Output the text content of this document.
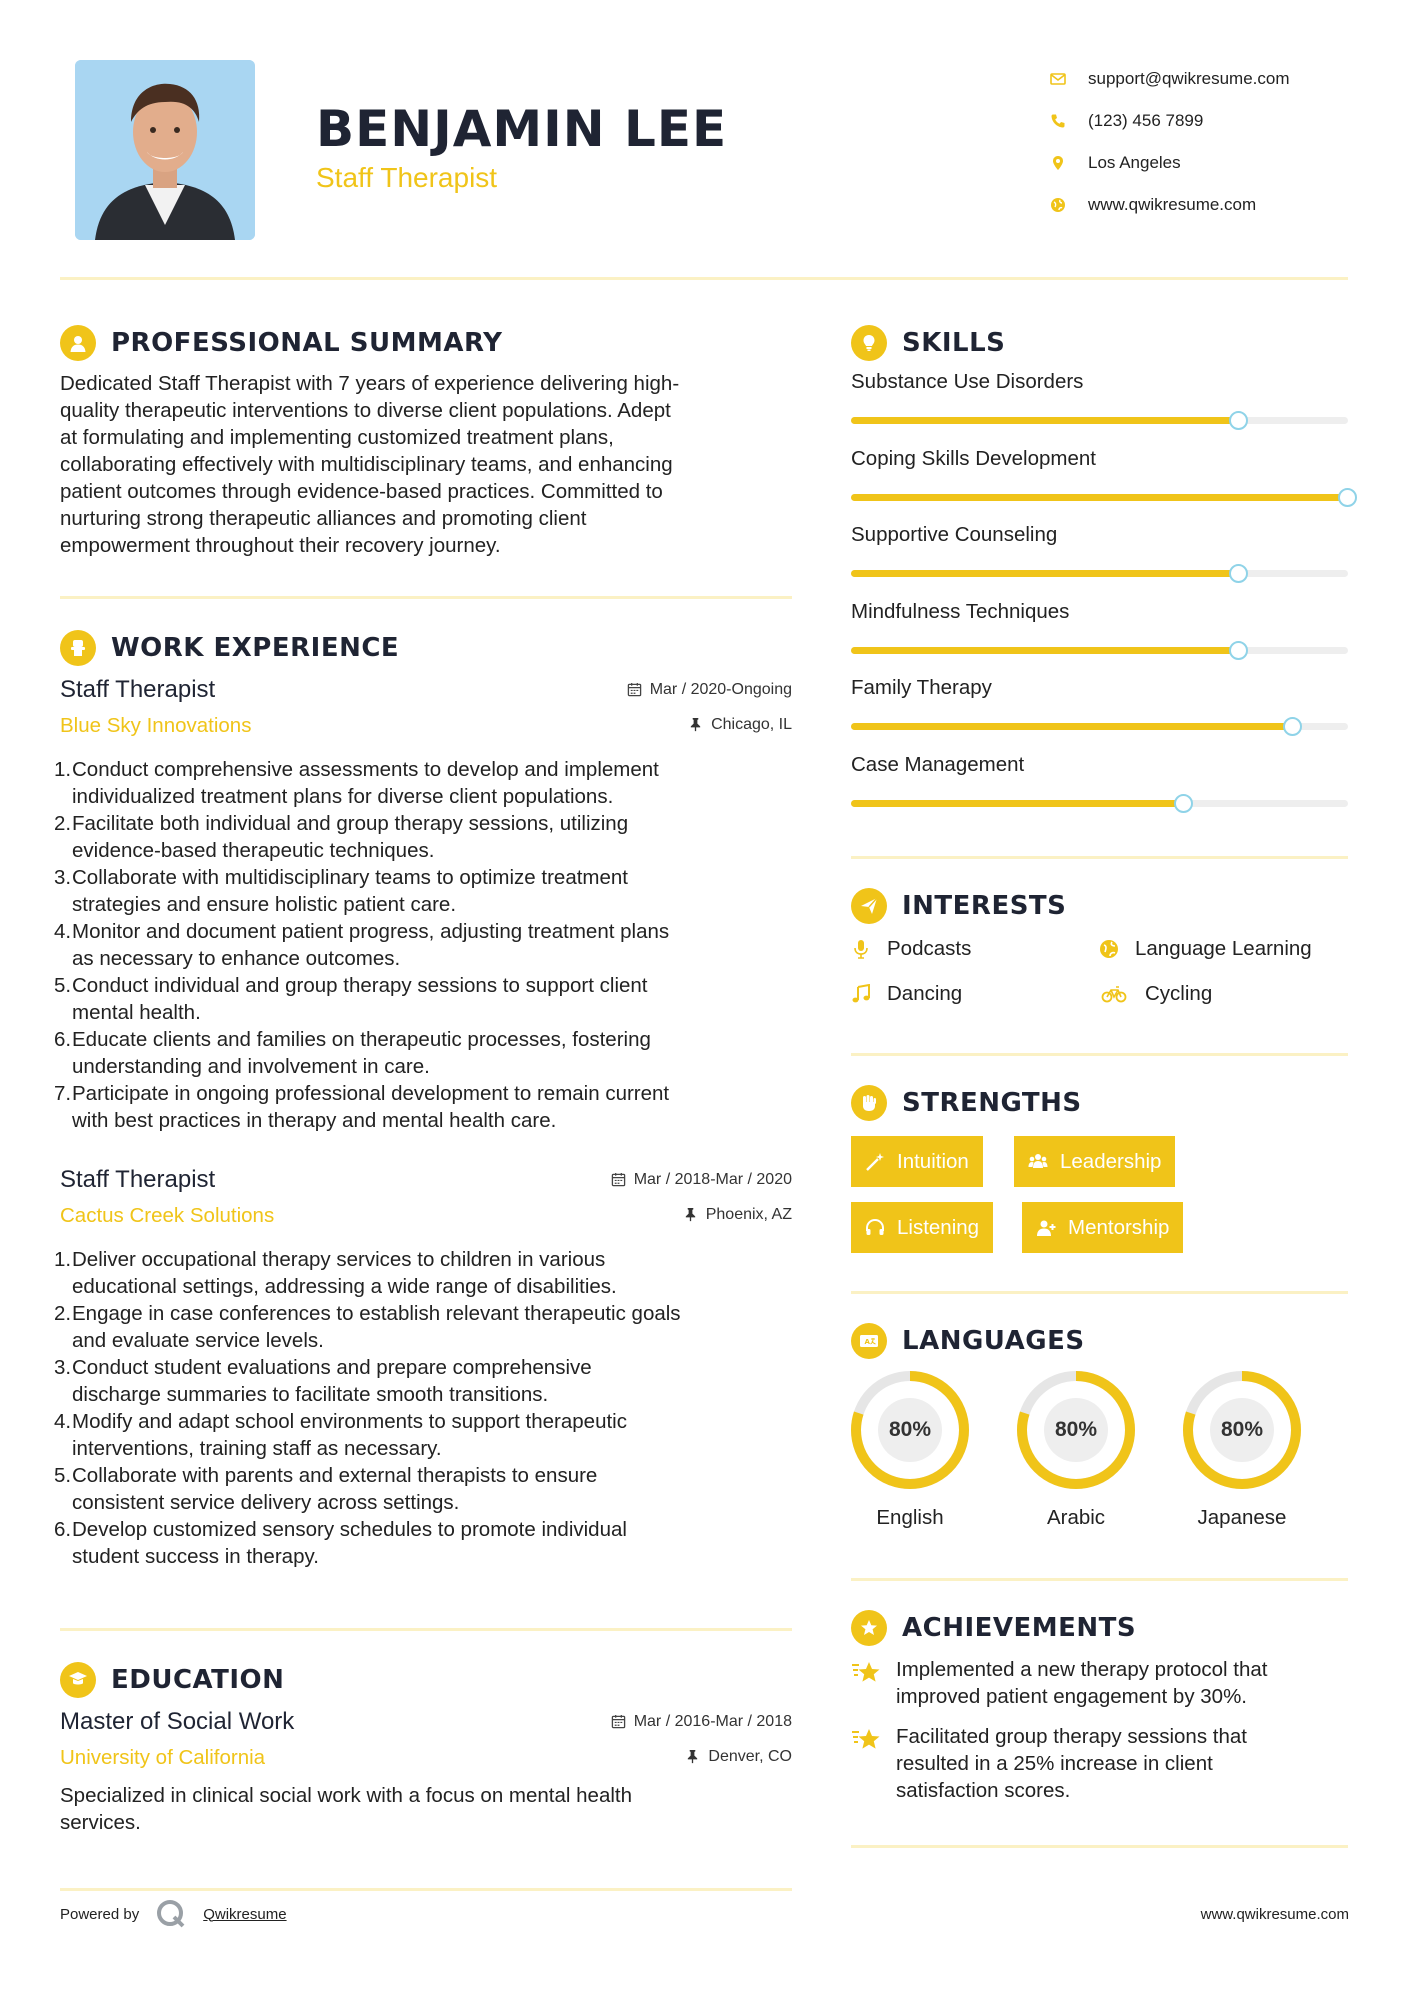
BENJAMIN LEE
Staff Therapist
support@qwikresume.com
(123) 456 7899
Los Angeles
www.qwikresume.com
PROFESSIONAL SUMMARY
Dedicated Staff Therapist with 7 years of experience delivering high-
quality therapeutic interventions to diverse client populations. Adept
at formulating and implementing customized treatment plans,
collaborating effectively with multidisciplinary teams, and enhancing
patient outcomes through evidence-based practices. Committed to
nurturing strong therapeutic alliances and promoting client
empowerment throughout their recovery journey.
WORK EXPERIENCE
Staff Therapist	Mar / 2020-Ongoing
Blue Sky Innovations	Chicago, IL
1. Conduct comprehensive assessments to develop and implement
individualized treatment plans for diverse client populations.
2. Facilitate both individual and group therapy sessions, utilizing
evidence-based therapeutic techniques.
3. Collaborate with multidisciplinary teams to optimize treatment
strategies and ensure holistic patient care.
4. Monitor and document patient progress, adjusting treatment plans
as necessary to enhance outcomes.
5. Conduct individual and group therapy sessions to support client
mental health.
6. Educate clients and families on therapeutic processes, fostering
understanding and involvement in care.
7. Participate in ongoing professional development to remain current
with best practices in therapy and mental health care.
Staff Therapist	Mar / 2018-Mar / 2020
Cactus Creek Solutions	Phoenix, AZ
1. Deliver occupational therapy services to children in various
educational settings, addressing a wide range of disabilities.
2. Engage in case conferences to establish relevant therapeutic goals
and evaluate service levels.
3. Conduct student evaluations and prepare comprehensive
discharge summaries to facilitate smooth transitions.
4. Modify and adapt school environments to support therapeutic
interventions, training staff as necessary.
5. Collaborate with parents and external therapists to ensure
consistent service delivery across settings.
6. Develop customized sensory schedules to promote individual
student success in therapy.
EDUCATION
Master of Social Work	Mar / 2016-Mar / 2018
University of California	Denver, CO
Specialized in clinical social work with a focus on mental health
services.
SKILLS
Substance Use Disorders
Coping Skills Development
Supportive Counseling
Mindfulness Techniques
Family Therapy
Case Management
INTERESTS
Podcasts	Language Learning
Dancing	Cycling
STRENGTHS
Intuition	Leadership
Listening	Mentorship
A LANGUAGES
80%
English
80%
Arabic
80%
Japanese
ACHIEVEMENTS
Implemented a new therapy protocol that
improved patient engagement by 30%.
Facilitated group therapy sessions that
resulted in a 25% increase in client
satisfaction scores.
Powered by	Qwikresume	www.qwikresume.com
